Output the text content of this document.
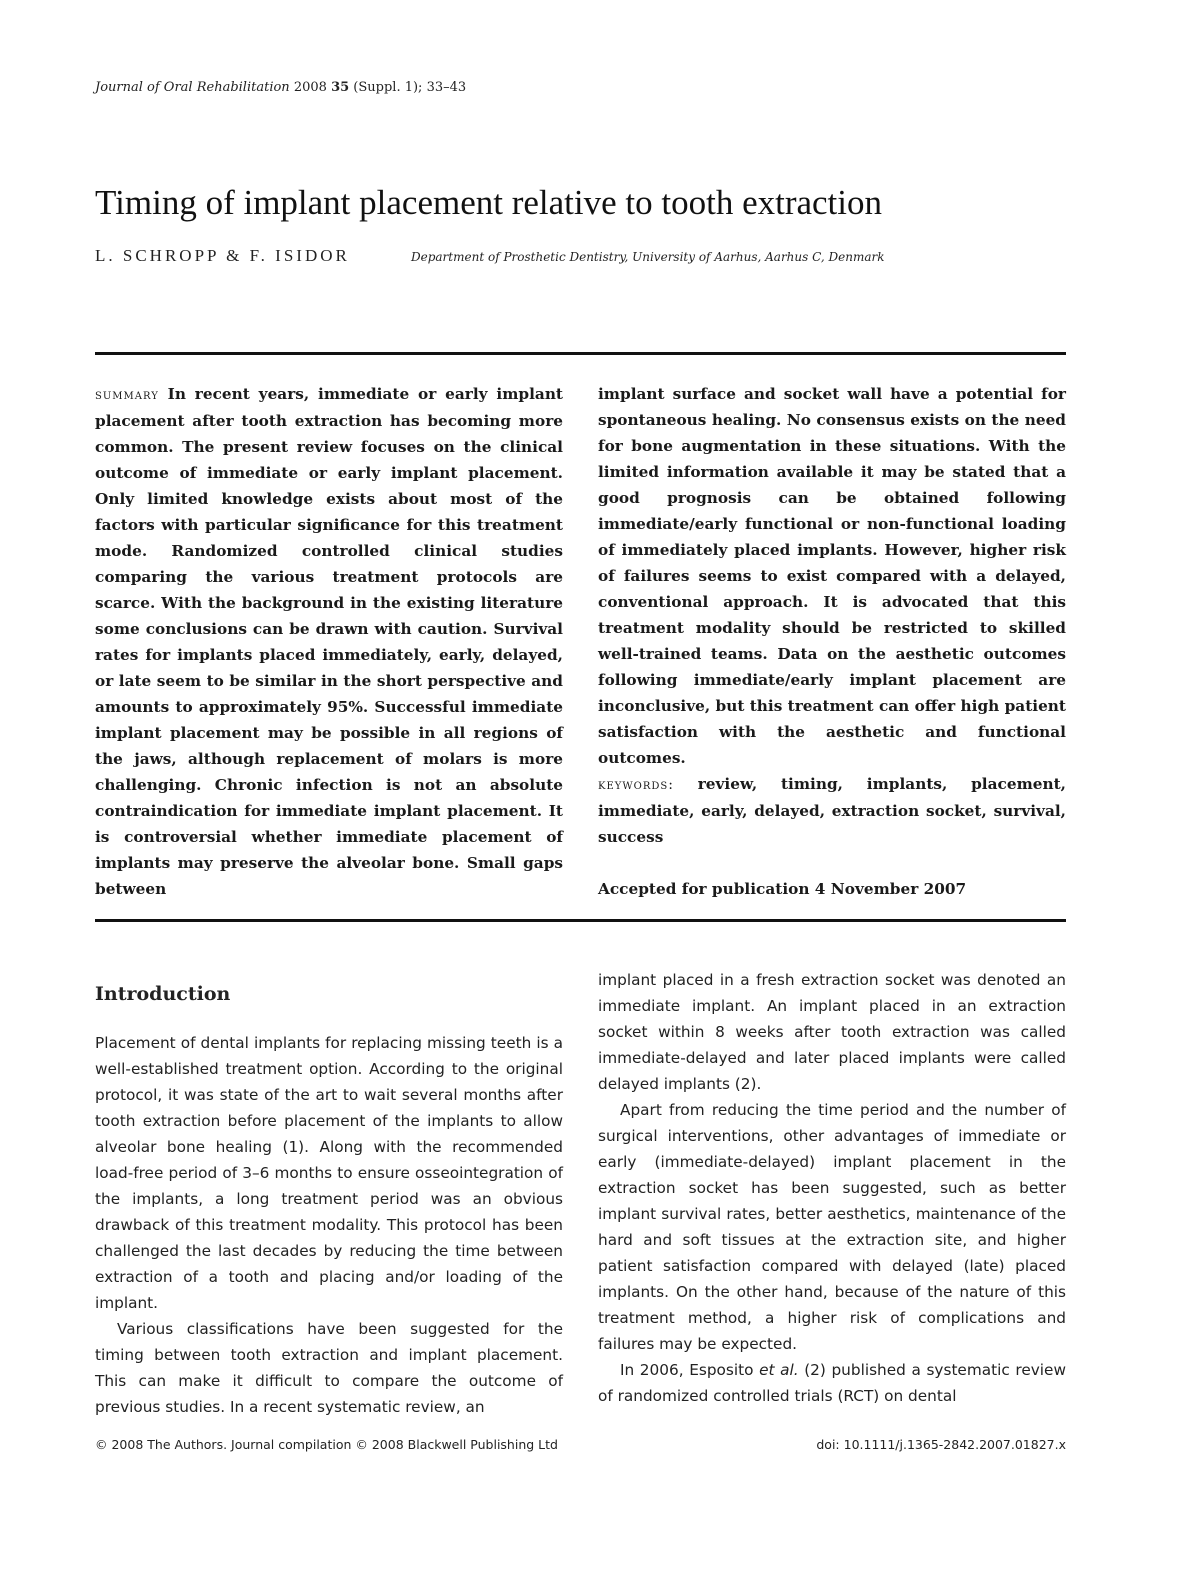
Journal of Oral Rehabilitation 2008 35 (Suppl. 1); 33–43
Timing of implant placement relative to tooth extraction
L. SCHROPP & F. ISIDOR	Department of Prosthetic Dentistry, University of Aarhus, Aarhus C, Denmark

summary In recent years, immediate or early implant placement after tooth extraction has becoming more common. The present review focuses on the clinical outcome of immediate or early implant placement. Only limited knowledge exists about most of the factors with particular significance for this treatment mode. Randomized controlled clinical studies comparing the various treatment protocols are scarce. With the background in the existing literature some conclusions can be drawn with caution. Survival rates for implants placed immediately, early, delayed, or late seem to be similar in the short perspective and amounts to approximately 95%. Successful immediate implant placement may be possible in all regions of the jaws, although replacement of molars is more challenging. Chronic infection is not an absolute contraindication for immediate implant placement. It is controversial whether immediate placement of implants may preserve the alveolar bone. Small gaps between

implant surface and socket wall have a potential for spontaneous healing. No consensus exists on the need for bone augmentation in these situations. With the limited information available it may be stated that a good prognosis can be obtained following immediate/early functional or non-functional loading of immediately placed implants. However, higher risk of failures seems to exist compared with a delayed, conventional approach. It is advocated that this treatment modality should be restricted to skilled well-trained teams. Data on the aesthetic outcomes following immediate/early implant placement are inconclusive, but this treatment can offer high patient satisfaction with the aesthetic and functional outcomes.

keywords: review, timing, implants, placement, immediate, early, delayed, extraction socket, survival, success

Accepted for publication 4 November 2007

Introduction

Placement of dental implants for replacing missing teeth is a well-established treatment option. According to the original protocol, it was state of the art to wait several months after tooth extraction before placement of the implants to allow alveolar bone healing (1). Along with the recommended load-free period of 3–6 months to ensure osseointegration of the implants, a long treatment period was an obvious drawback of this treatment modality. This protocol has been challenged the last decades by reducing the time between extraction of a tooth and placing and/or loading of the implant.

Various classifications have been suggested for the timing between tooth extraction and implant placement. This can make it difficult to compare the outcome of previous studies. In a recent systematic review, an

implant placed in a fresh extraction socket was denoted an immediate implant. An implant placed in an extraction socket within 8 weeks after tooth extraction was called immediate-delayed and later placed implants were called delayed implants (2).

Apart from reducing the time period and the number of surgical interventions, other advantages of immediate or early (immediate-delayed) implant placement in the extraction socket has been suggested, such as better implant survival rates, better aesthetics, maintenance of the hard and soft tissues at the extraction site, and higher patient satisfaction compared with delayed (late) placed implants. On the other hand, because of the nature of this treatment method, a higher risk of complications and failures may be expected.

In 2006, Esposito et al. (2) published a systematic review of randomized controlled trials (RCT) on dental

© 2008 The Authors. Journal compilation © 2008 Blackwell Publishing Ltd	doi: 10.1111/j.1365-2842.2007.01827.x
